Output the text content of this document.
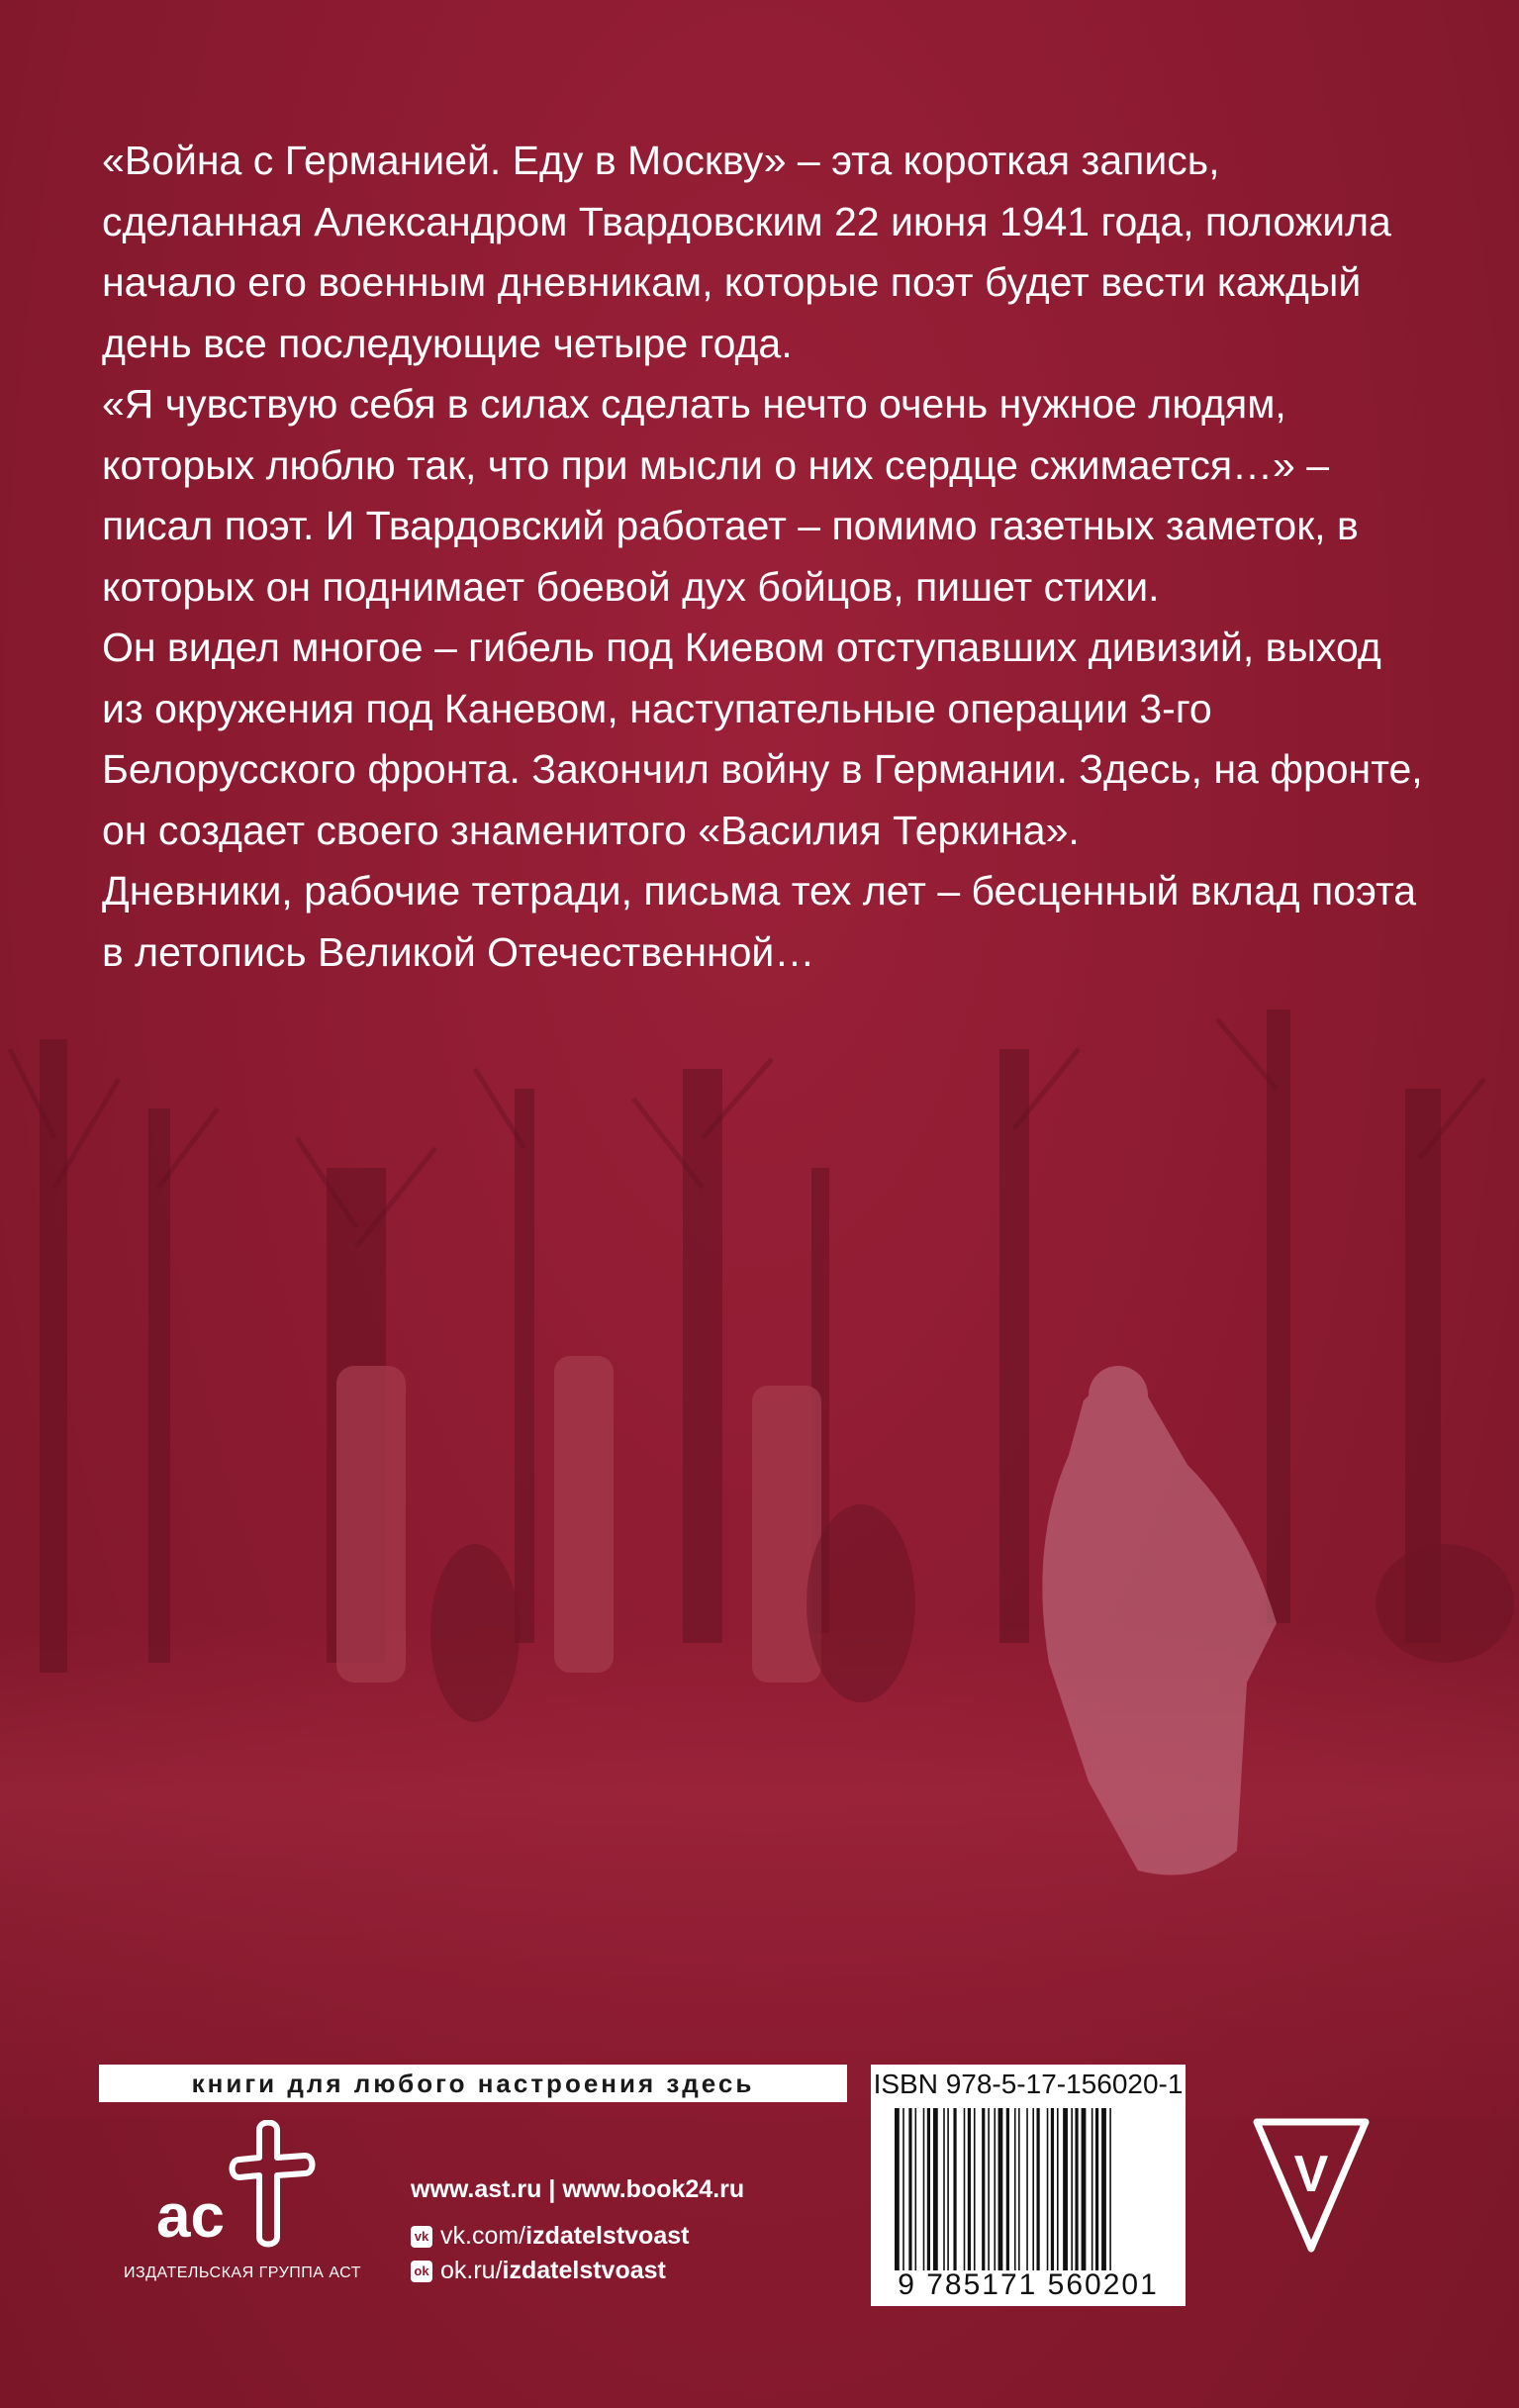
«Война с Германией. Еду в Москву» – эта короткая запись, сделанная Александром Твардовским 22 июня 1941 года, положила начало его военным дневникам, которые поэт будет вести каждый день все последующие четыре года.

«Я чувствую себя в силах сделать нечто очень нужное людям, которых люблю так, что при мысли о них сердце сжимается…» – писал поэт. И Твардовский работает – помимо газетных заметок, в которых он поднимает боевой дух бойцов, пишет стихи.

Он видел многое – гибель под Киевом отступавших дивизий, выход из окружения под Каневом, наступательные операции 3-го Белорусского фронта. Закончил войну в Германии. Здесь, на фронте, он создает своего знаменитого «Василия Теркина».

Дневники, рабочие тетради, письма тех лет – бесценный вклад поэта в летопись Великой Отечественной…

книги для любого настроения здесь
ac
ИЗДАТЕЛЬСКАЯ ГРУППА АСТ
www.ast.ru | www.book24.ru
vk vk.com/ izdatelstvoast
ok ok.ru/ izdatelstvoast
ISBN 978-5-17-156020-1
9 785171 560201
V
